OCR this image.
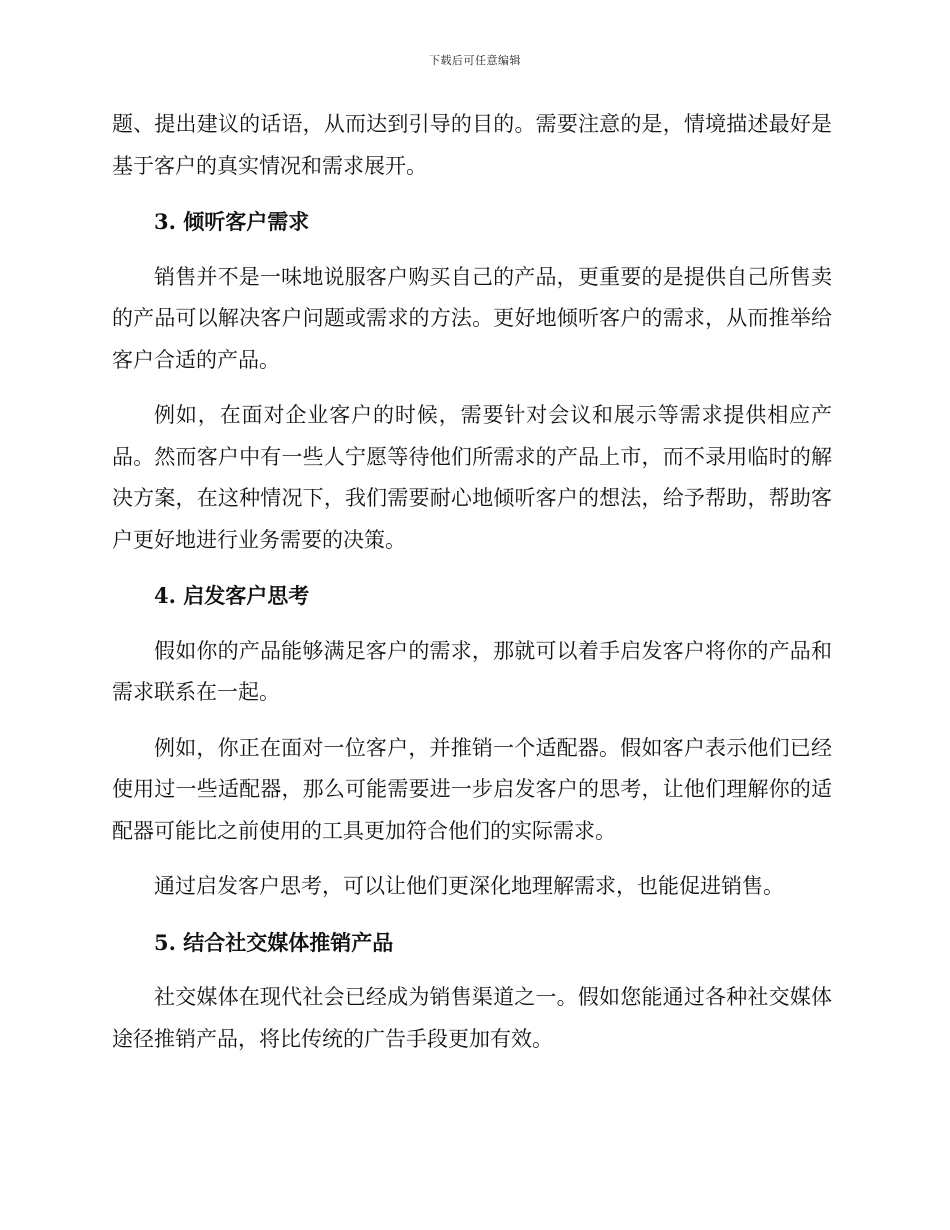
下载后可任意编辑

题、提出建议的话语，从而达到引导的目的。需要注意的是，情境描述最好是基于客户的真实情况和需求展开。

3. 倾听客户需求

销售并不是一味地说服客户购买自己的产品，更重要的是提供自己所售卖的产品可以解决客户问题或需求的方法。更好地倾听客户的需求，从而推举给客户合适的产品。

例如，在面对企业客户的时候，需要针对会议和展示等需求提供相应产品。然而客户中有一些人宁愿等待他们所需求的产品上市，而不录用临时的解决方案，在这种情况下，我们需要耐心地倾听客户的想法，给予帮助，帮助客户更好地进行业务需要的决策。

4. 启发客户思考

假如你的产品能够满足客户的需求，那就可以着手启发客户将你的产品和需求联系在一起。

例如，你正在面对一位客户，并推销一个适配器。假如客户表示他们已经使用过一些适配器，那么可能需要进一步启发客户的思考，让他们理解你的适配器可能比之前使用的工具更加符合他们的实际需求。

通过启发客户思考，可以让他们更深化地理解需求，也能促进销售。

5. 结合社交媒体推销产品

社交媒体在现代社会已经成为销售渠道之一。假如您能通过各种社交媒体途径推销产品，将比传统的广告手段更加有效。
